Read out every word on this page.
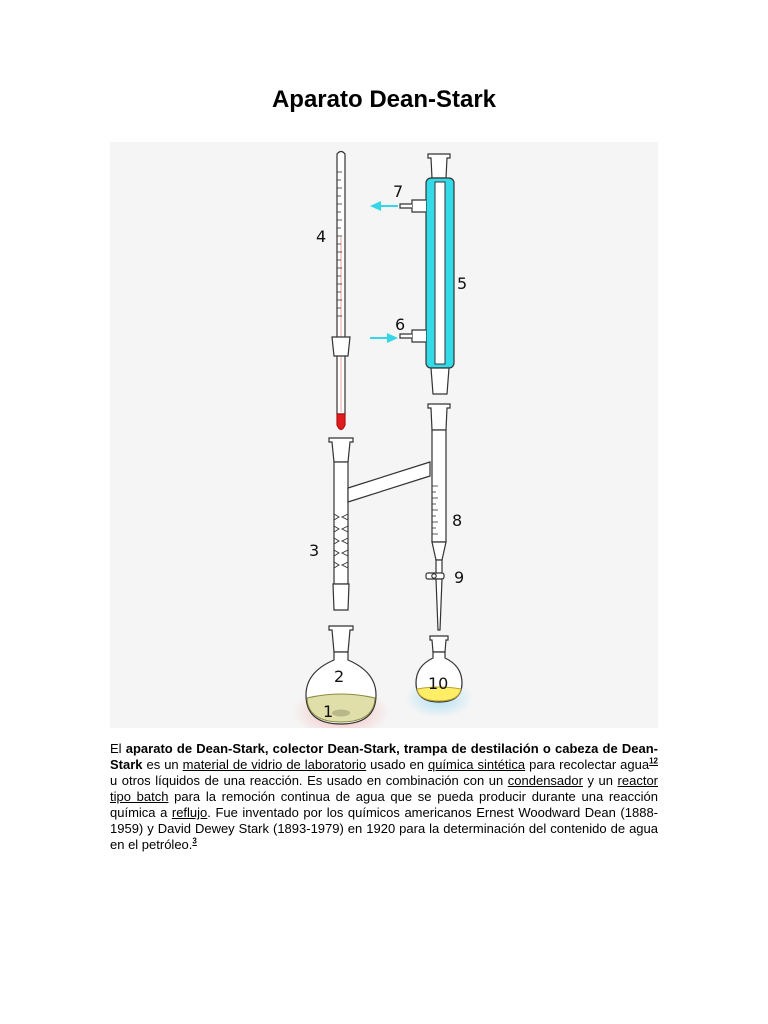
Aparato Dean-Stark
1
2
3
4
5
6
7
8
9
10

El aparato de Dean-Stark, colector Dean-Stark, trampa de destilación o cabeza de Dean-Stark es un material de vidrio de laboratorio usado en química sintética para recolectar agua$^{12}$ u otros líquidos de una reacción. Es usado en combinación con un condensador y un reactor tipo batch para la remoción continua de agua que se pueda producir durante una reacción química a reflujo. Fue inventado por los químicos americanos Ernest Woodward Dean (1888-1959) y David Dewey Stark (1893-1979) en 1920 para la determinación del contenido de agua en el petróleo.$^3$
